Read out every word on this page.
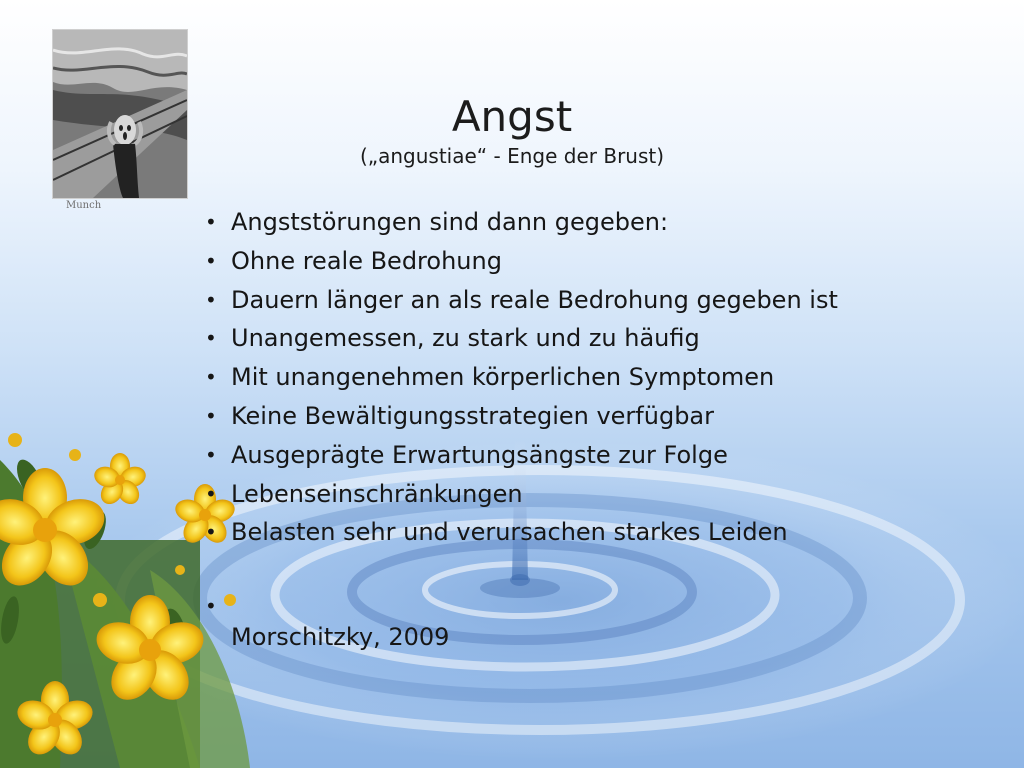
Munch
Angst
(„angustiae“ - Enge der Brust)
• Angststörungen sind dann gegeben:
• Ohne reale Bedrohung
• Dauern länger an als reale Bedrohung gegeben ist
• Unangemessen, zu stark und zu häufig
• Mit unangenehmen körperlichen Symptomen
• Keine Bewältigungsstrategien verfügbar
• Ausgeprägte Erwartungsängste zur Folge
• Lebenseinschränkungen
• Belasten sehr und verursachen starkes Leiden
•
Morschitzky, 2009
